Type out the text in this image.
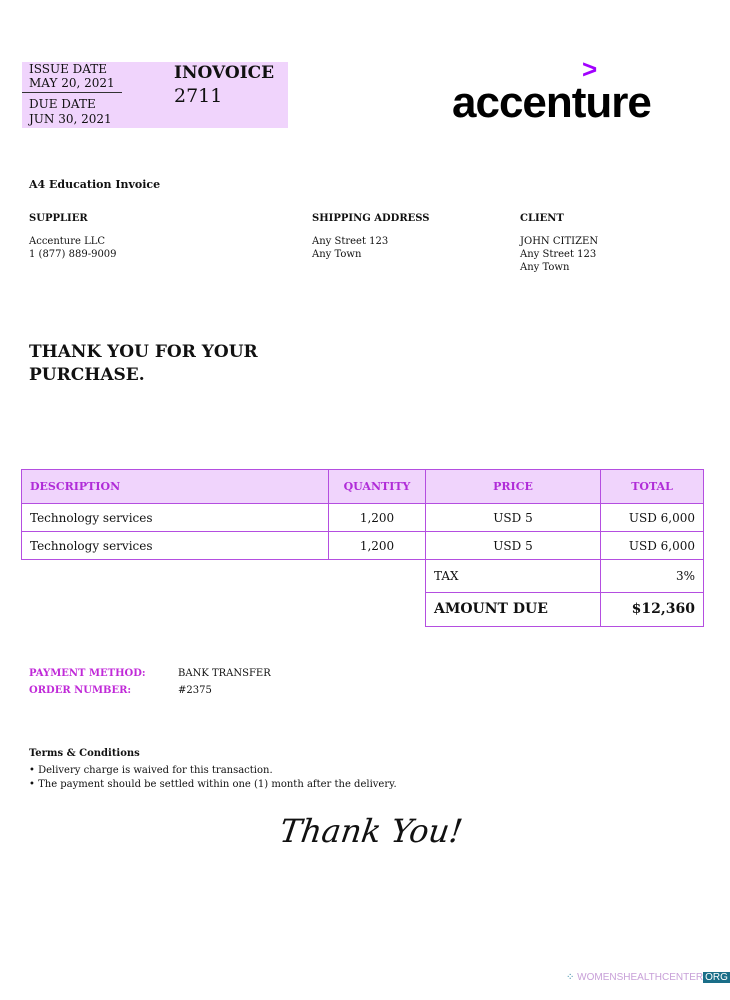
ISSUE DATE
MAY 20, 2021
DUE DATE
JUN 30, 2021
INOVOICE
2711
>
accenture
A4 Education Invoice
SUPPLIER
Accenture LLC
1 (877) 889-9009
SHIPPING ADDRESS
Any Street 123
Any Town
CLIENT
JOHN CITIZEN
Any Street 123
Any Town
THANK YOU FOR YOUR
PURCHASE.
DESCRIPTION	QUANTITY	PRICE	TOTAL
Technology services	1,200	USD 5	USD 6,000
Technology services	1,200	USD 5	USD 6,000
		TAX	3%
		AMOUNT DUE	$12,360
PAYMENT METHOD:	BANK TRANSFER
ORDER NUMBER:	#2375
Terms & Conditions
• Delivery charge is waived for this transaction.
• The payment should be settled within one (1) month after the delivery.
Thank You!
⁘ WOMENSHEALTHCENTER ORG
